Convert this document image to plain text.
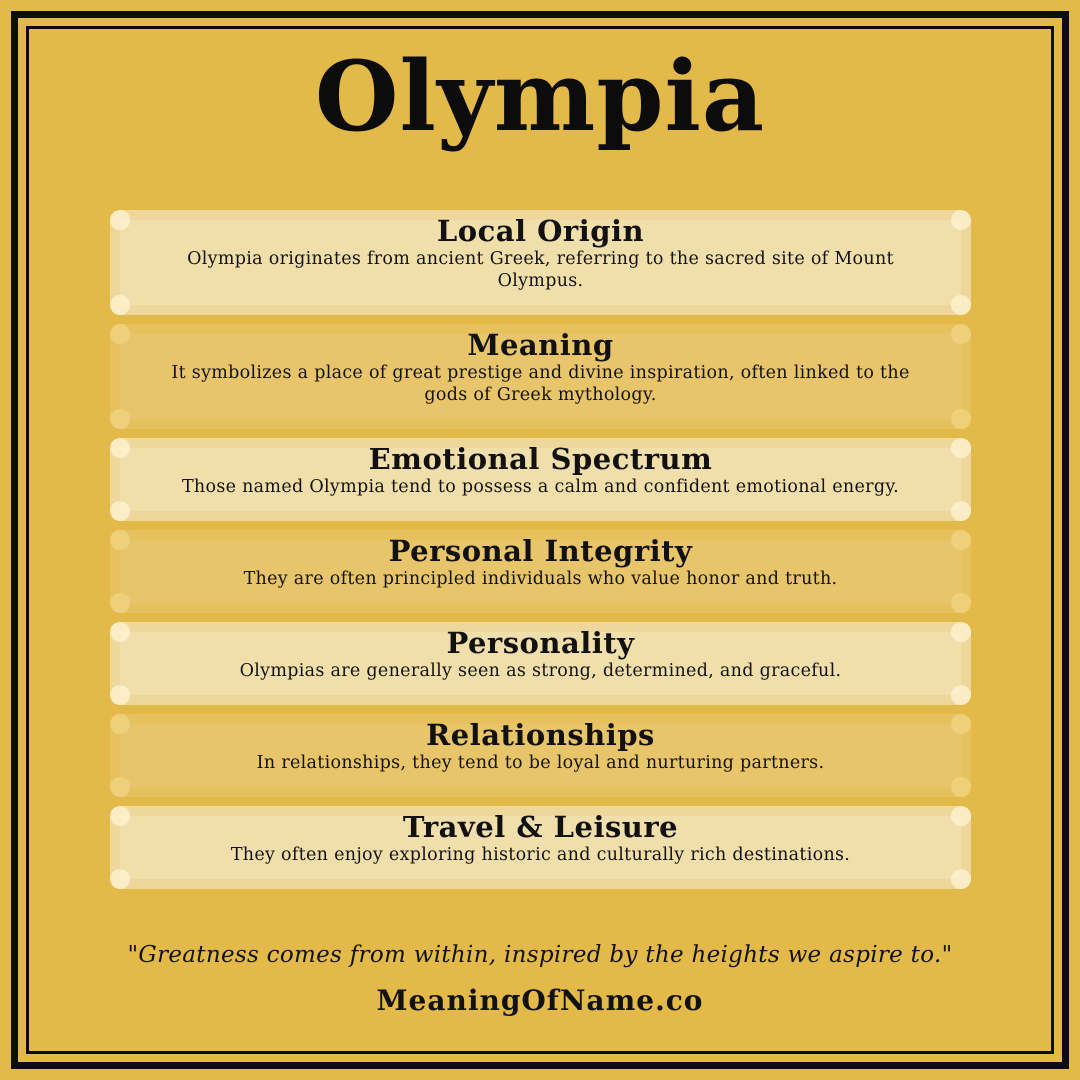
Olympia
Local Origin

Olympia originates from ancient Greek, referring to the sacred site of Mount Olympus.

Meaning

It symbolizes a place of great prestige and divine inspiration, often linked to the gods of Greek mythology.

Emotional Spectrum

Those named Olympia tend to possess a calm and confident emotional energy.

Personal Integrity

They are often principled individuals who value honor and truth.

Personality

Olympias are generally seen as strong, determined, and graceful.

Relationships

In relationships, they tend to be loyal and nurturing partners.

Travel & Leisure

They often enjoy exploring historic and culturally rich destinations.

"Greatness comes from within, inspired by the heights we aspire to."
MeaningOfName.co
